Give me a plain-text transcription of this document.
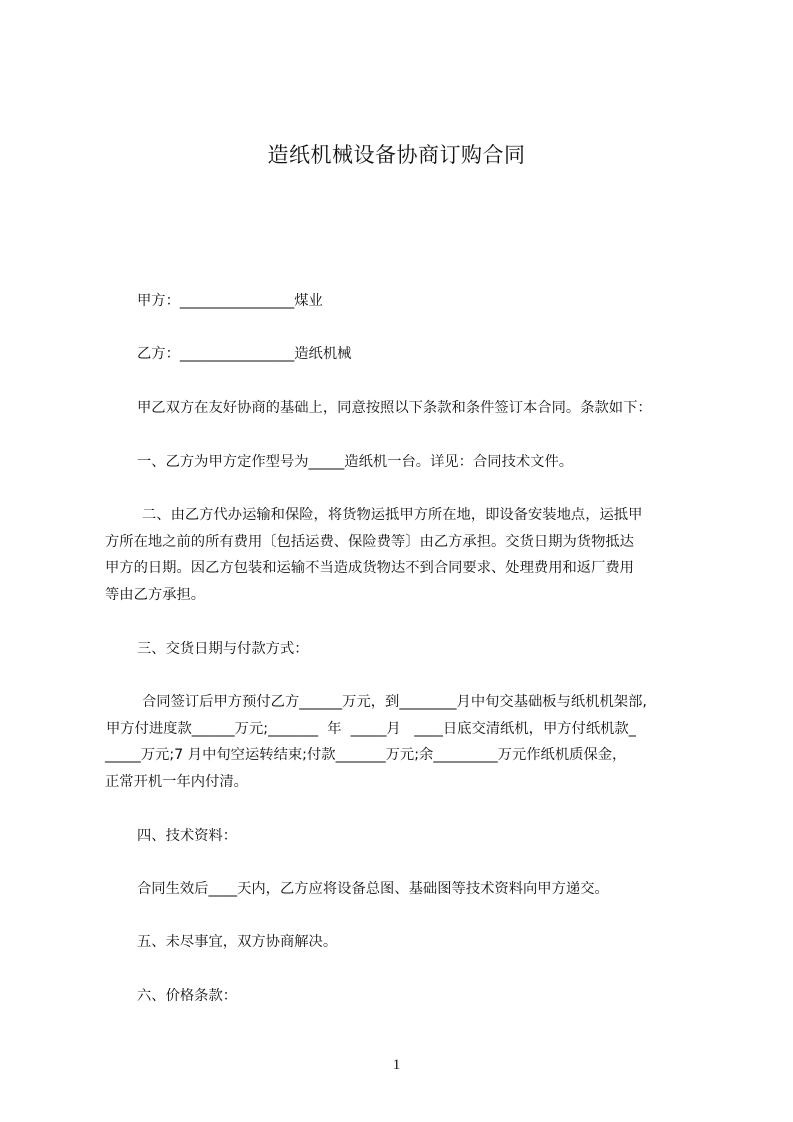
造纸机械设备协商订购合同
甲方：________________煤业
乙方：________________造纸机械
甲乙双方在友好协商的基础上，同意按照以下条款和条件签订本合同。条款如下：
一、乙方为甲方定作型号为_____造纸机一台。详见：合同技术文件。
二、由乙方代办运输和保险，将货物运抵甲方所在地，即设备安装地点，运抵甲
方所在地之前的所有费用〔包括运费、保险费等〕由乙方承担。交货日期为货物抵达
甲方的日期。因乙方包装和运输不当造成货物达不到合同要求、处理费用和返厂费用
等由乙方承担。
三、交货日期与付款方式：
合同签订后甲方预付乙方______万元，到________月中旬交基础板与纸机机架部,
甲方付进度款______万元;_______  年  _____月   ____日底交清纸机，甲方付纸机款_
_____万元;7 月中旬空运转结束;付款_______万元;余_________万元作纸机质保金，
正常开机一年内付清。
四、技术资料：
合同生效后____天内，乙方应将设备总图、基础图等技术资料向甲方递交。
五、未尽事宜，双方协商解决。
六、价格条款：
1
